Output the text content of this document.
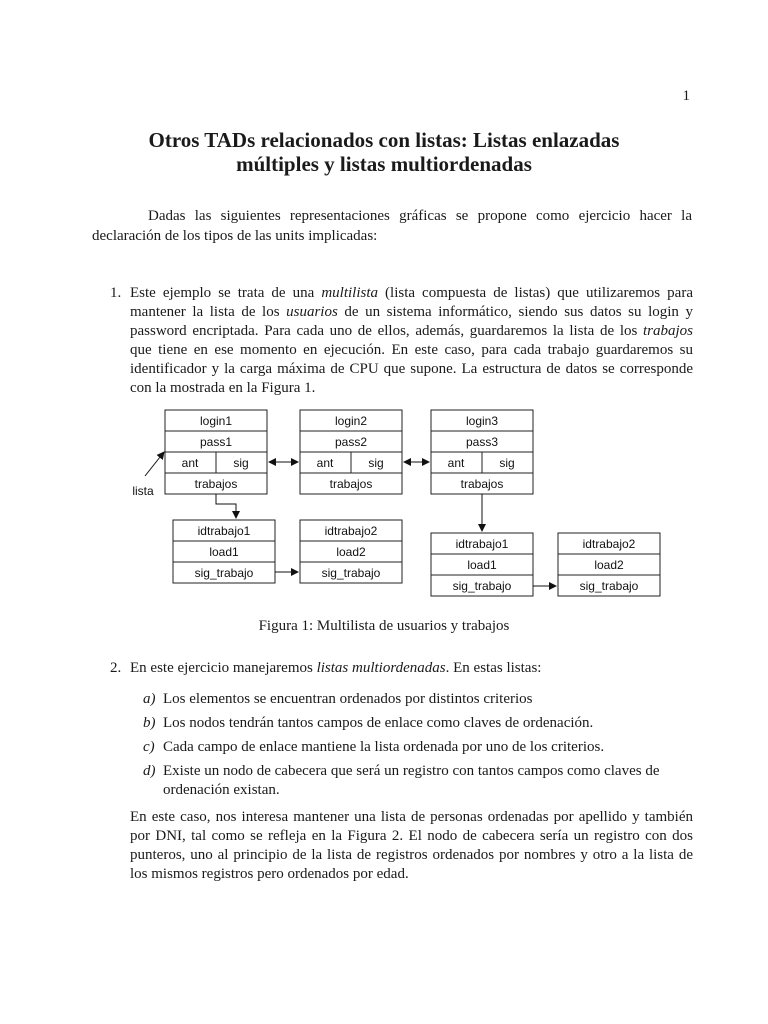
1
Otros TADs relacionados con listas: Listas enlazadas
múltiples y listas multiordenadas

Dadas las siguientes representaciones gráficas se propone como ejercicio hacer la declaración de los tipos de las units implicadas:

1. Este ejemplo se trata de una multilista (lista compuesta de listas) que utilizaremos para mantener la lista de los usuarios de un sistema informático, siendo sus datos su login y password encriptada. Para cada uno de ellos, además, guardaremos la lista de los trabajos que tiene en ese momento en ejecución. En este caso, para cada trabajo guardaremos su identificador y la carga máxima de CPU que supone. La estructura de datos se corresponde con la mostrada en la Figura 1.

login1
pass1
ant	sig
trabajos
login2
pass2
ant	sig
trabajos
login3
pass3
ant	sig
trabajos
lista
idtrabajo1
load1
sig_trabajo
idtrabajo2
load2
sig_trabajo
idtrabajo1
load1
sig_trabajo
idtrabajo2
load2
sig_trabajo
Figura 1: Multilista de usuarios y trabajos
2. En este ejercicio manejaremos listas multiordenadas. En estas listas:

a) Los elementos se encuentran ordenados por distintos criterios

b) Los nodos tendrán tantos campos de enlace como claves de ordenación.

c) Cada campo de enlace mantiene la lista ordenada por uno de los criterios.

d) Existe un nodo de cabecera que será un registro con tantos campos como claves de ordenación existan.

En este caso, nos interesa mantener una lista de personas ordenadas por apellido y también por DNI, tal como se refleja en la Figura 2. El nodo de cabecera sería un registro con dos punteros, uno al principio de la lista de registros ordenados por nombres y otro a la lista de los mismos registros pero ordenados por edad.
